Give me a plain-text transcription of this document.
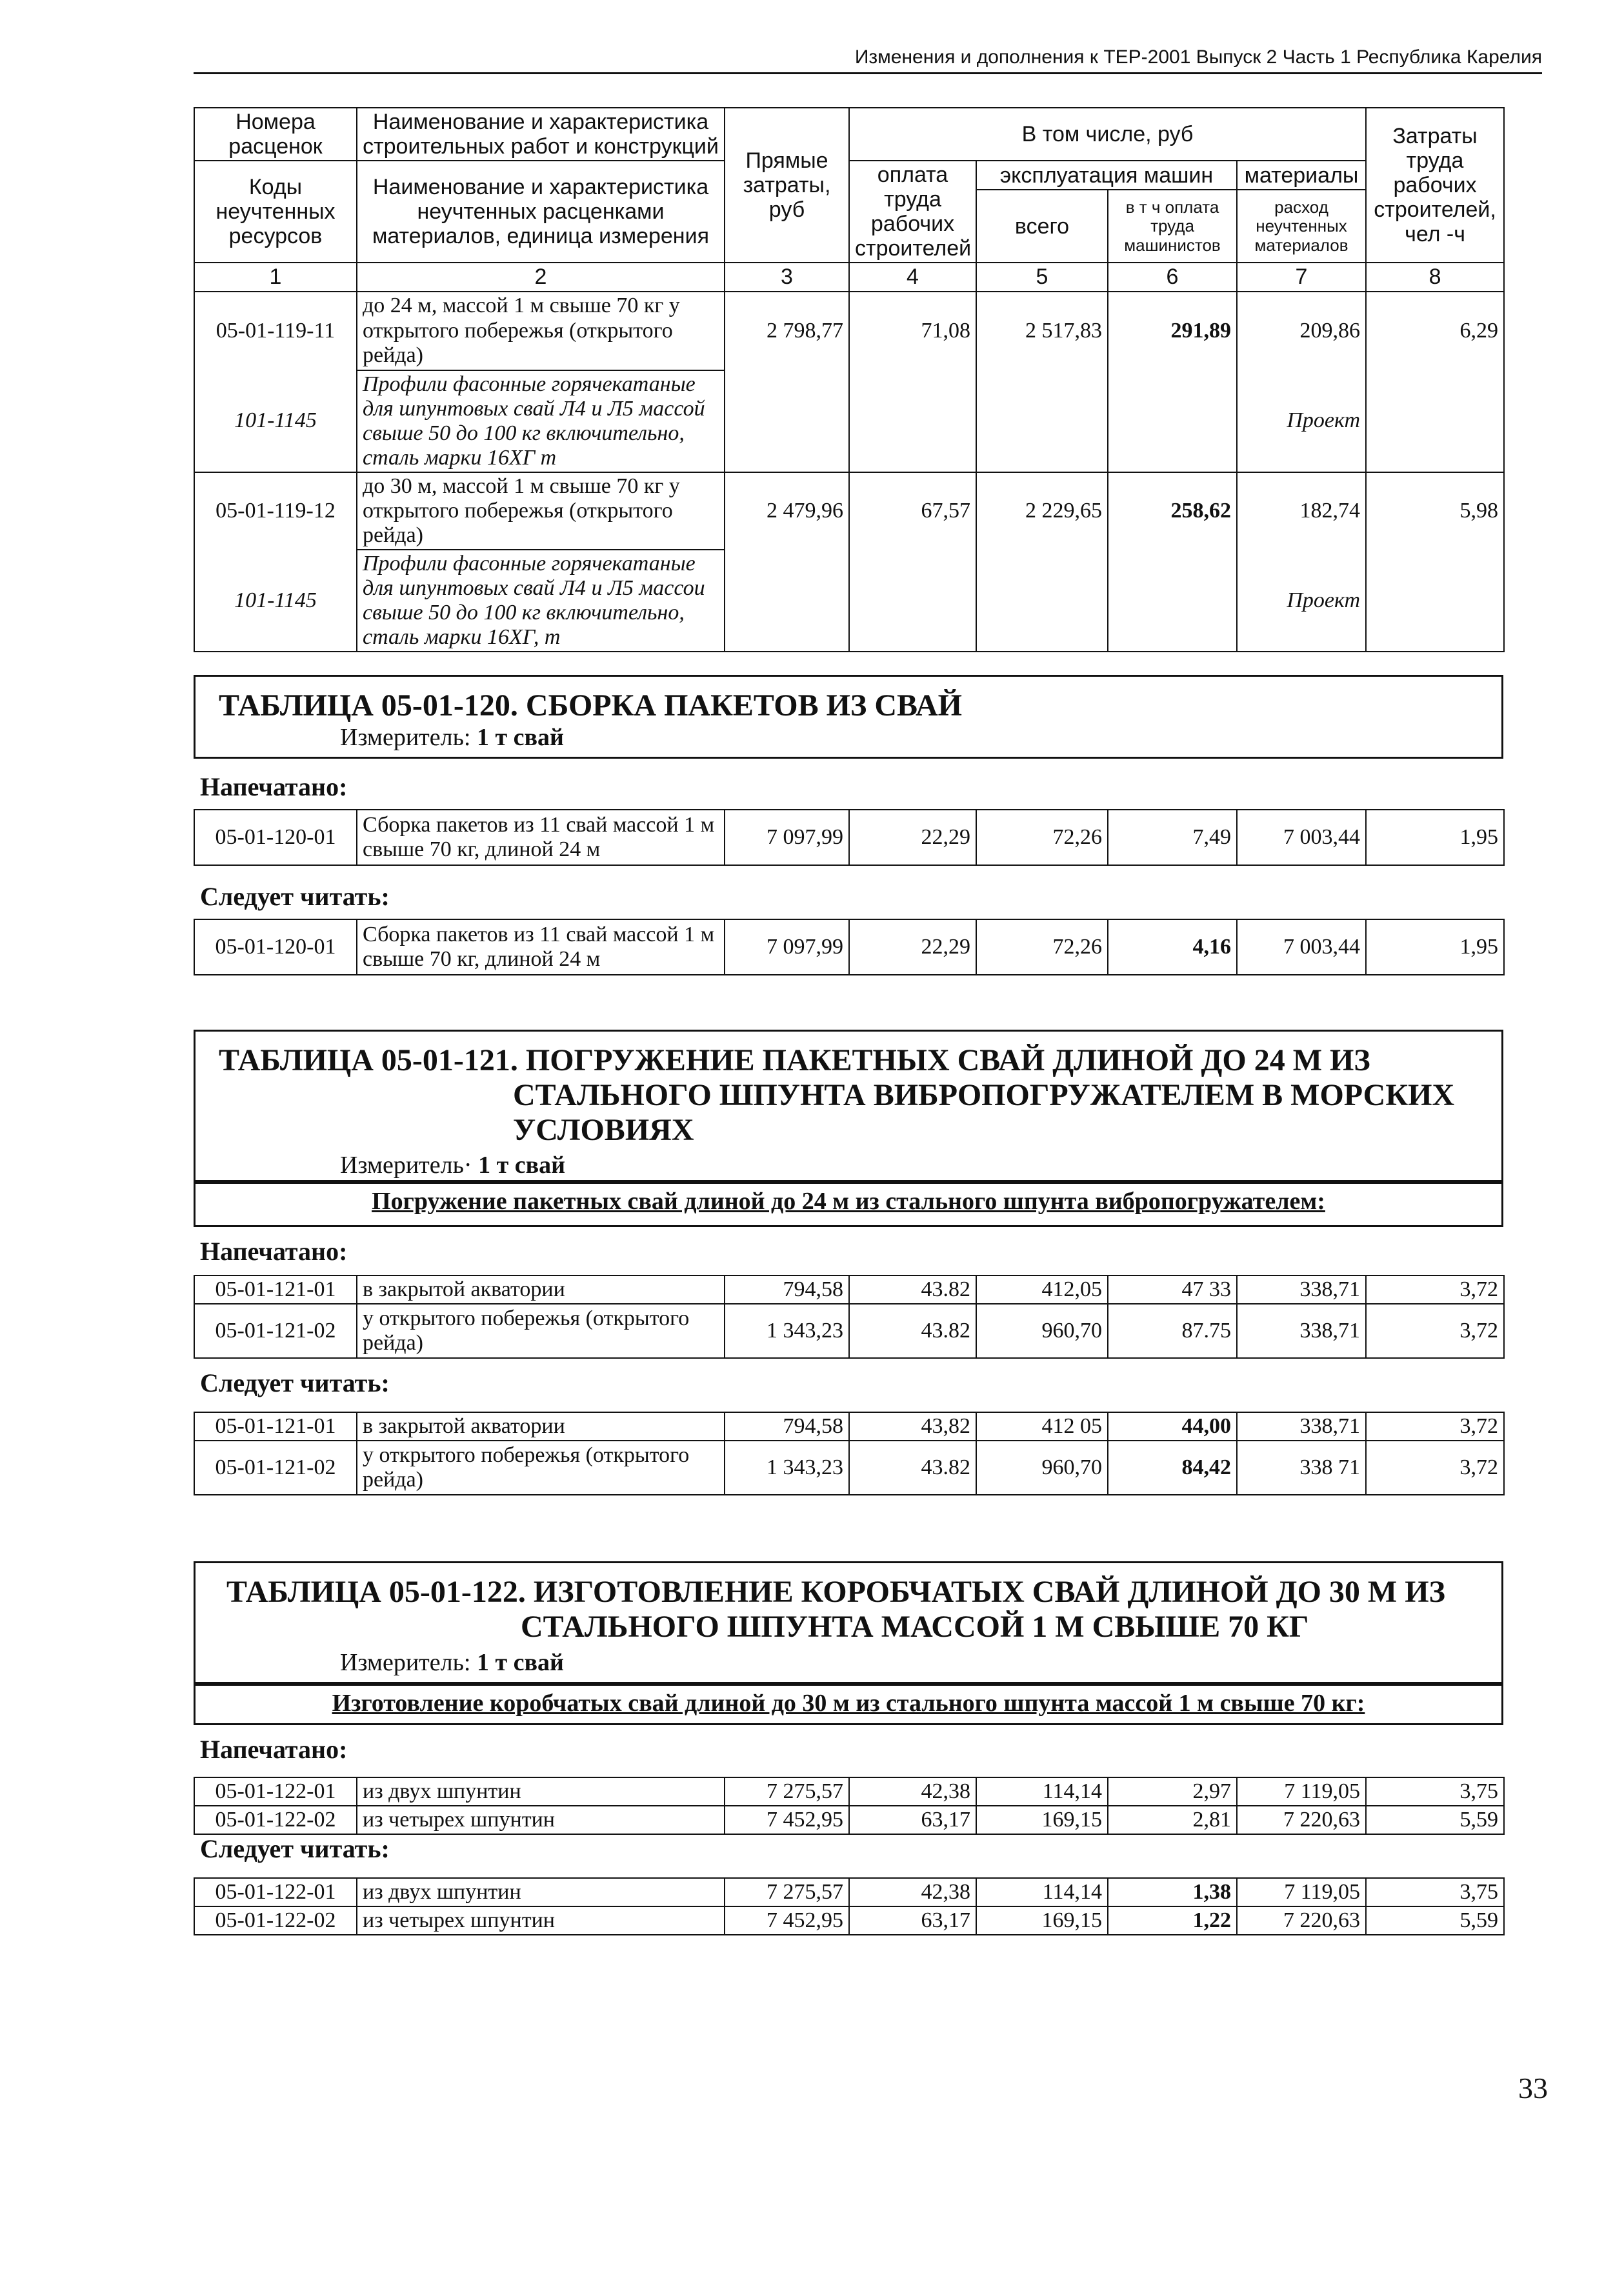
Изменения и дополнения к ТЕР-2001 Выпуск 2 Часть 1 Республика Карелия
Номера расценок	Наименование и характеристика строительных работ и конструкций	Прямые затраты, руб	В том числе, руб				Затраты труда рабочих строителей, чел -ч
Коды неучтенных ресурсов	Наименование и характеристика неучтенных расценками материалов, единица измерения		оплата труда рабочих строителей	эксплуатация машин		материалы	
				всего	в т ч оплата труда машинистов	расход неучтенных материалов	
1	2	3	4	5	6	7	8
05-01-119-11	до 24 м, массой 1 м свыше 70 кг у открытого побережья (открытого рейда)	2 798,77	71,08	2 517,83	291,89	209,86	6,29
101-1145	Профили фасонные горячекатаные для шпунтовых свай Л4 и Л5 массой свыше 50 до 100 кг включительно, сталь марки 16ХГ т					Проект	
05-01-119-12	до 30 м, массой 1 м свыше 70 кг у открытого побережья (открытого рейда)	2 479,96	67,57	2 229,65	258,62	182,74	5,98
101-1145	Профили фасонные горячекатаные для шпунтовых свай Л4 и Л5 массои свыше 50 до 100 кг включительно, сталь марки 16ХГ, т					Проект	
ТАБЛИЦА 05-01-120. СБОРКА ПАКЕТОВ ИЗ СВАЙ
Измеритель: 1 т свай
Напечатано:
05-01-120-01	Сборка пакетов из 11 свай массой 1 м свыше 70 кг, длиной 24 м	7 097,99	22,29	72,26	7,49	7 003,44	1,95
Следует читать:
05-01-120-01	Сборка пакетов из 11 свай массой 1 м свыше 70 кг, длиной 24 м	7 097,99	22,29	72,26	4,16	7 003,44	1,95
ТАБЛИЦА 05-01-121. ПОГРУЖЕНИЕ ПАКЕТНЫХ СВАЙ ДЛИНОЙ ДО 24 М ИЗ
СТАЛЬНОГО ШПУНТА ВИБРОПОГРУЖАТЕЛЕМ В МОРСКИХ
УСЛОВИЯХ
Измеритель· 1 т свай
Погружение пакетных свай длиной до 24 м из стального шпунта вибропогружателем:
Напечатано:
05-01-121-01	в закрытой акватории	794,58	43.82	412,05	47 33	338,71	3,72
05-01-121-02	у открытого побережья (открытого рейда)	1 343,23	43.82	960,70	87.75	338,71	3,72
Следует читать:
05-01-121-01	в закрытой акватории	794,58	43,82	412 05	44,00	338,71	3,72
05-01-121-02	у открытого побережья (открытого рейда)	1 343,23	43.82	960,70	84,42	338 71	3,72
ТАБЛИЦА 05-01-122. ИЗГОТОВЛЕНИЕ КОРОБЧАТЫХ СВАЙ ДЛИНОЙ ДО 30 М ИЗ
СТАЛЬНОГО ШПУНТА МАССОЙ 1 М СВЫШЕ 70 КГ
Измеритель: 1 т свай
Изготовление коробчатых свай длиной до 30 м из стального шпунта массой 1 м свыше 70 кг:
Напечатано:
05-01-122-01	из двух шпунтин	7 275,57	42,38	114,14	2,97	7 119,05	3,75
05-01-122-02	из четырех шпунтин	7 452,95	63,17	169,15	2,81	7 220,63	5,59
Следует читать:
05-01-122-01	из двух шпунтин	7 275,57	42,38	114,14	1,38	7 119,05	3,75
05-01-122-02	из четырех шпунтин	7 452,95	63,17	169,15	1,22	7 220,63	5,59
33
